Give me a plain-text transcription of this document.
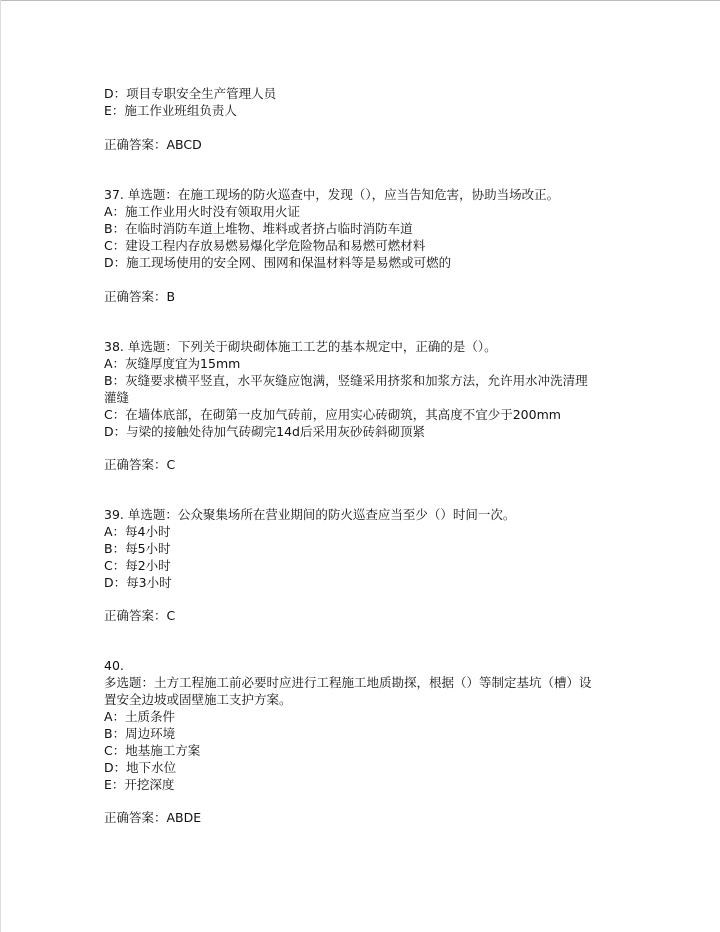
D：项目专职安全生产管理人员
E：施工作业班组负责人
正确答案：ABCD
37. 单选题：在施工现场的防火巡查中，发现（），应当告知危害，协助当场改正。
A：施工作业用火时没有领取用火证
B：在临时消防车道上堆物、堆料或者挤占临时消防车道
C：建设工程内存放易燃易爆化学危险物品和易燃可燃材料
D：施工现场使用的安全网、围网和保温材料等是易燃或可燃的
正确答案：B
38. 单选题：下列关于砌块砌体施工工艺的基本规定中，正确的是（）。
A：灰缝厚度宜为15mm
B：灰缝要求横平竖直，水平灰缝应饱满，竖缝采用挤浆和加浆方法，允许用水冲洗清理
灌缝
C：在墙体底部，在砌第一皮加气砖前，应用实心砖砌筑，其高度不宜少于200mm
D：与梁的接触处待加气砖砌完14d后采用灰砂砖斜砌顶紧
正确答案：C
39. 单选题：公众聚集场所在营业期间的防火巡查应当至少（）时间一次。
A：每4小时
B：每5小时
C：每2小时
D：每3小时
正确答案：C
40.
多选题：土方工程施工前必要时应进行工程施工地质勘探，根据（）等制定基坑（槽）设
置安全边坡或固壁施工支护方案。
A：土质条件
B：周边环境
C：地基施工方案
D：地下水位
E：开挖深度
正确答案：ABDE
